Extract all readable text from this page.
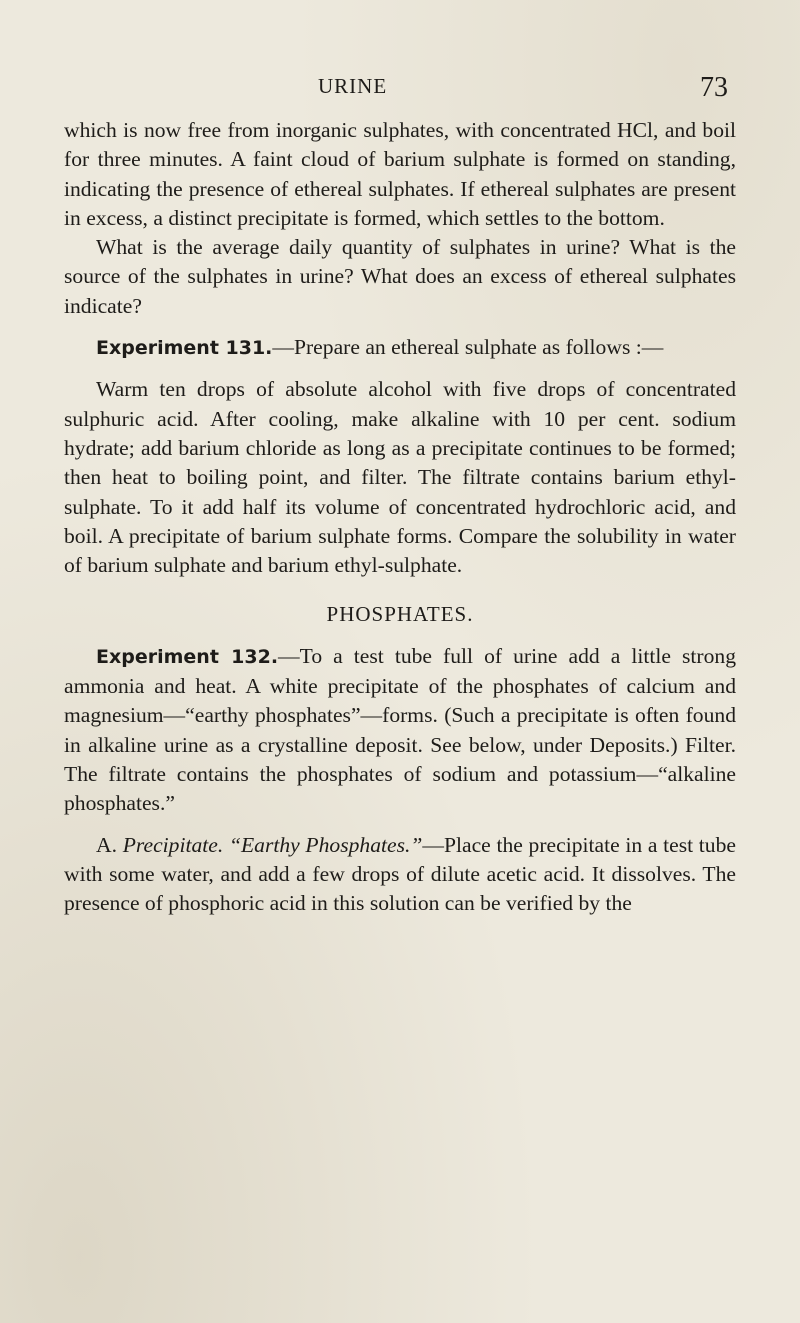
URINE	73

which is now free from inorganic sulphates, with concentrated HCl, and boil for three minutes. A faint cloud of barium sulphate is formed on standing, indicating the presence of ethereal sulphates. If ethereal sulphates are present in excess, a distinct precipitate is formed, which settles to the bottom.

What is the average daily quantity of sulphates in urine? What is the source of the sulphates in urine? What does an excess of ethereal sulphates indicate?

Experiment 131.—Prepare an ethereal sulphate as follows :—

Warm ten drops of absolute alcohol with five drops of concentrated sulphuric acid. After cooling, make alkaline with 10 per cent. sodium hydrate; add barium chloride as long as a precipitate continues to be formed; then heat to boiling point, and filter. The filtrate contains barium ethyl-sulphate. To it add half its volume of concentrated hydrochloric acid, and boil. A precipitate of barium sulphate forms. Compare the solubility in water of barium sulphate and barium ethyl-sulphate.

PHOSPHATES.

Experiment 132.—To a test tube full of urine add a little strong ammonia and heat. A white precipitate of the phosphates of calcium and magnesium—“earthy phosphates”—forms. (Such a precipitate is often found in alkaline urine as a crystalline deposit. See below, under Deposits.) Filter. The filtrate contains the phosphates of sodium and potassium—“alkaline phosphates.”

A. Precipitate. “Earthy Phosphates.”—Place the precipitate in a test tube with some water, and add a few drops of dilute acetic acid. It dissolves. The presence of phosphoric acid in this solution can be verified by the
